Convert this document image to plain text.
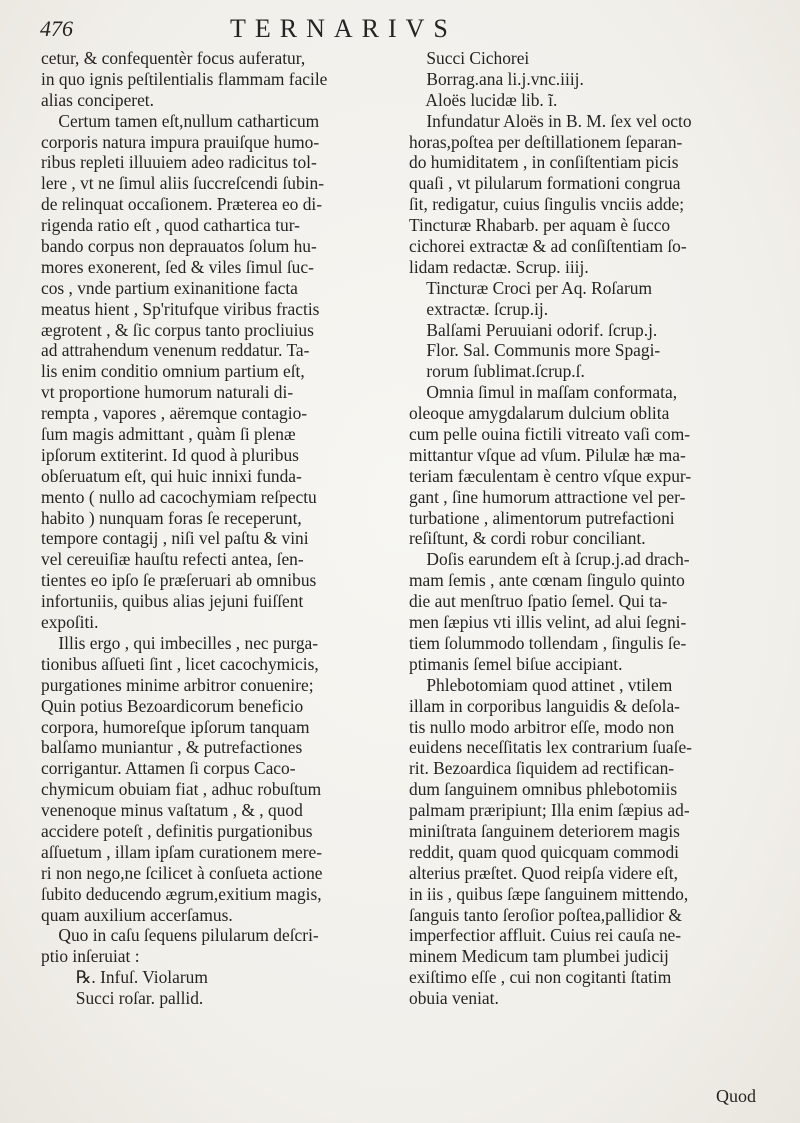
476	TERNARIVS
cetur, & confequentèr focus auferatur,
in quo ignis peſtilentialis flammam facile
alias conciperet.
Certum tamen eſt,nullum catharticum
corporis natura impura prauiſque humo-
ribus repleti illuuiem adeo radicitus tol-
lere , vt ne ſimul aliis ſuccreſcendi ſubin-
de relinquat occaſionem. Præterea eo di-
rigenda ratio eſt , quod cathartica tur-
bando corpus non deprauatos ſolum hu-
mores exonerent, ſed & viles ſimul ſuc-
cos , vnde partium exinanitione facta
meatus hient , Sp'ritufque viribus fractis
ægrotent , & ſic corpus tanto procliuius
ad attrahendum venenum reddatur. Ta-
lis enim conditio omnium partium eſt,
vt proportione humorum naturali di-
rempta , vapores , aëremque contagio-
ſum magis admittant , quàm ſi plenæ
ipſorum extiterint. Id quod à pluribus
obſeruatum eſt, qui huic innixi funda-
mento ( nullo ad cacochymiam reſpectu
habito ) nunquam foras ſe receperunt,
tempore contagij , niſi vel paſtu & vini
vel cereuiſiæ hauſtu refecti antea, ſen-
tientes eo ipſo ſe præſeruari ab omnibus
infortuniis, quibus alias jejuni fuiſſent
expoſiti.
Illis ergo , qui imbecilles , nec purga-
tionibus aſſueti ſint , licet cacochymicis,
purgationes minime arbitror conuenire;
Quin potius Bezoardicorum beneficio
corpora, humoreſque ipſorum tanquam
balſamo muniantur , & putrefactiones
corrigantur. Attamen ſi corpus Caco-
chymicum obuiam fiat , adhuc robuſtum
venenoque minus vaſtatum , & , quod
accidere poteſt , definitis purgationibus
aſſuetum , illam ipſam curationem mere-
ri non nego,ne ſcilicet à conſueta actione
ſubito deducendo ægrum,exitium magis,
quam auxilium accerſamus.
Quo in caſu ſequens pilularum deſcri-
ptio inſeruiat :
℞. Infuſ. Violarum
Succi roſar. pallid.
Succi Cichorei
Borrag.ana li.j.vnc.iiij.
Aloës lucidæ lib. ĩ.
Infundatur Aloës in B. M. ſex vel octo
horas,poſtea per deſtillationem ſeparan-
do humiditatem , in conſiſtentiam picis
quaſi , vt pilularum formationi congrua
ſit, redigatur, cuius ſingulis vnciis adde;
Tincturæ Rhabarb. per aquam è ſucco
cichorei extractæ & ad conſiſtentiam ſo-
lidam redactæ. Scrup. iiij.
Tincturæ Croci per Aq. Roſarum
extractæ. ſcrup.ij.
Balſami Peruuiani odorif. ſcrup.j.
Flor. Sal. Communis more Spagi-
rorum ſublimat.ſcrup.ſ.
Omnia ſimul in maſſam conformata,
oleoque amygdalarum dulcium oblita
cum pelle ouina fictili vitreato vaſi com-
mittantur vſque ad vſum. Pilulæ hæ ma-
teriam fæculentam è centro vſque expur-
gant , ſine humorum attractione vel per-
turbatione , alimentorum putrefactioni
reſiſtunt, & cordi robur conciliant.
Doſis earundem eſt à ſcrup.j.ad drach-
mam ſemis , ante cœnam ſingulo quinto
die aut menſtruo ſpatio ſemel. Qui ta-
men ſæpius vti illis velint, ad alui ſegni-
tiem ſolummodo tollendam , ſingulis ſe-
ptimanis ſemel biſue accipiant.
Phlebotomiam quod attinet , vtilem
illam in corporibus languidis & deſola-
tis nullo modo arbitror eſſe, modo non
euidens neceſſitatis lex contrarium ſuaſe-
rit. Bezoardica ſiquidem ad rectifican-
dum ſanguinem omnibus phlebotomiis
palmam præripiunt; Illa enim ſæpius ad-
miniſtrata ſanguinem deteriorem magis
reddit, quam quod quicquam commodi
alterius præſtet. Quod reipſa videre eſt,
in iis , quibus ſæpe ſanguinem mittendo,
ſanguis tanto ſeroſior poſtea,pallidior &
imperfectior affluit. Cuius rei cauſa ne-
minem Medicum tam plumbei judicij
exiſtimo eſſe , cui non cogitanti ſtatim
obuia veniat.
Quod
